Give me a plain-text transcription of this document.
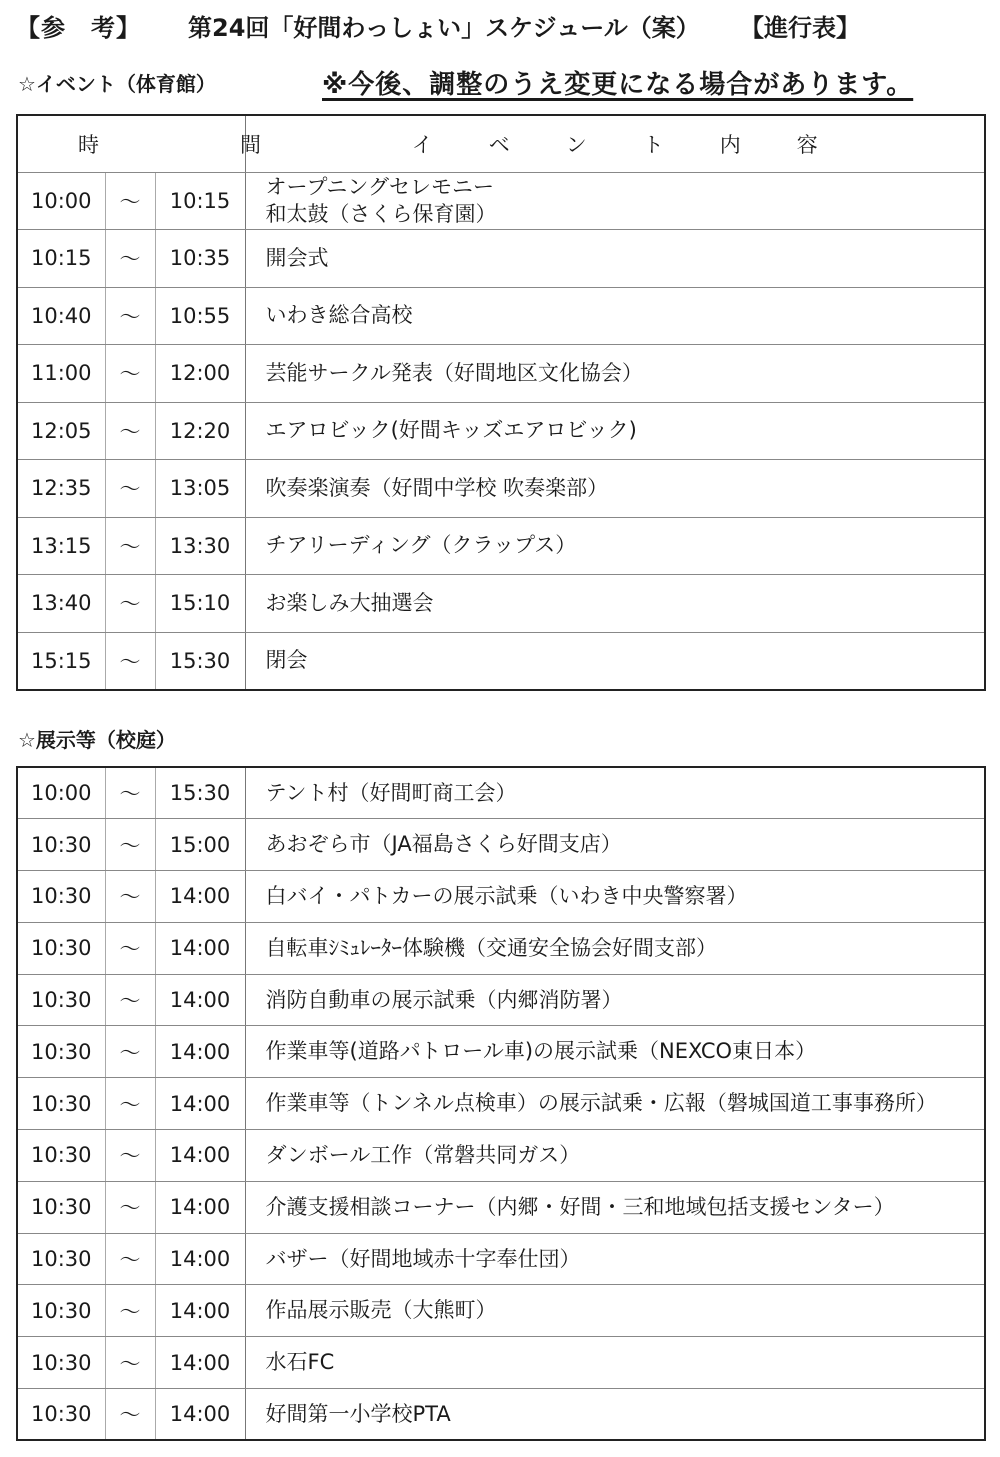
【参　考】 第24回「好間わっしょい」スケジュール（案） 【進行表】
☆イベント（体育館）	※今後、調整のうえ変更になる場合があります。
時　間			イベント内容
10:00	～	10:15	オープニングセレモニー
和太鼓（さくら保育園）

10:15	～	10:35	開会式

10:40	～	10:55	いわき総合高校

11:00	～	12:00	芸能サークル発表（好間地区文化協会）

12:05	～	12:20	エアロビック(好間キッズエアロビック)

12:35	～	13:05	吹奏楽演奏（好間中学校 吹奏楽部）

13:15	～	13:30	チアリーディング（クラップス）

13:40	～	15:10	お楽しみ大抽選会

15:15	～	15:30	閉会
☆展示等（校庭）
10:00	～	15:30	テント村（好間町商工会）
10:30	～	15:00	あおぞら市（JA福島さくら好間支店）
10:30	～	14:00	白バイ・パトカーの展示試乗（いわき中央警察署）
10:30	～	14:00	自転車ｼﾐｭﾚｰﾀｰ体験機（交通安全協会好間支部）
10:30	～	14:00	消防自動車の展示試乗（内郷消防署）
10:30	～	14:00	作業車等(道路パトロール車)の展示試乗（NEXCO東日本）
10:30	～	14:00	作業車等（トンネル点検車）の展示試乗・広報（磐城国道工事事務所）
10:30	～	14:00	ダンボール工作（常磐共同ガス）
10:30	～	14:00	介護支援相談コーナー（内郷・好間・三和地域包括支援センター）
10:30	～	14:00	バザー（好間地域赤十字奉仕団）
10:30	～	14:00	作品展示販売（大熊町）
10:30	～	14:00	水石FC
10:30	～	14:00	好間第一小学校PTA
